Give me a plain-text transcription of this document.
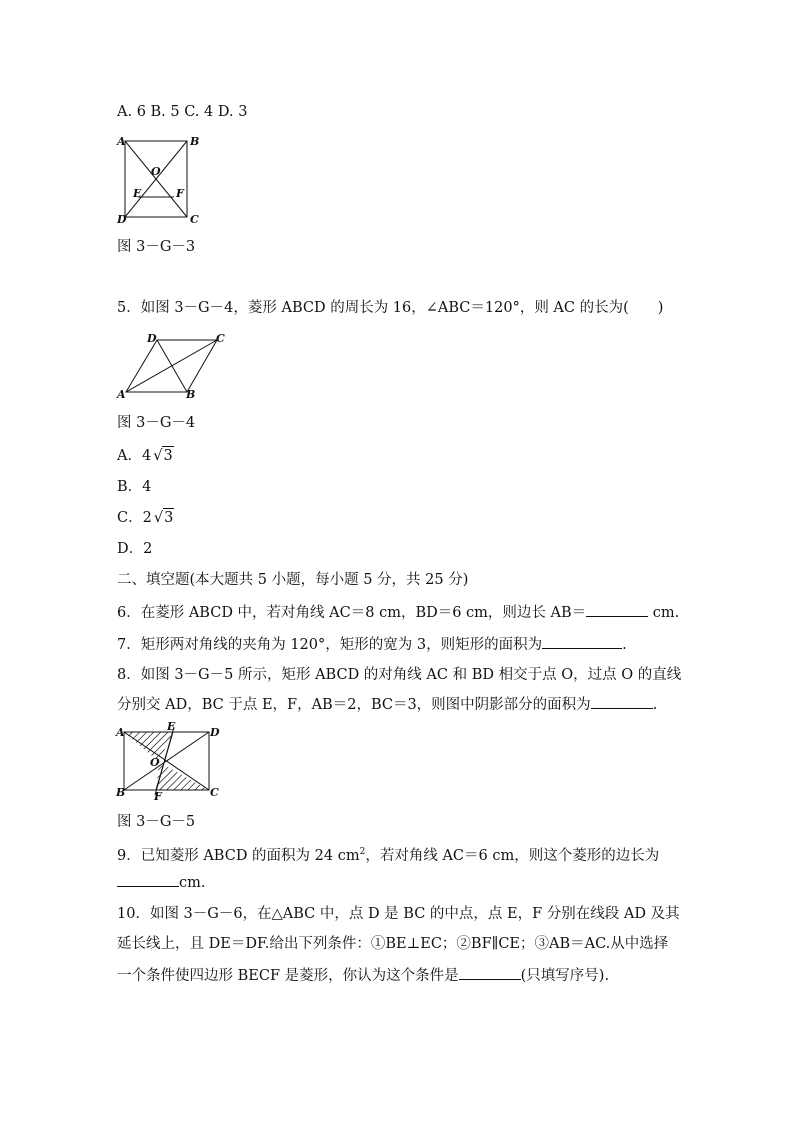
A. 6 B. 5 C. 4 D. 3
A	B
C
D
O
E	F
图 3－G－3
5．如图 3－G－4，菱形 ABCD 的周长为 16，∠ABC＝120°，则 AC 的长为(　　)
D	C
A	B
图 3－G－4
A．4 √3
B．4
C．2 √3
D．2
二、填空题(本大题共 5 小题，每小题 5 分，共 25 分)
6．在菱形 ABCD 中，若对角线 AC＝8 cm，BD＝6 cm，则边长 AB＝	cm.
7．矩形两对角线的夹角为 120°，矩形的宽为 3，则矩形的面积为	.
8．如图 3－G－5 所示，矩形 ABCD 的对角线 AC 和 BD 相交于点 O，过点 O 的直线
分别交 AD，BC 于点 E，F，AB＝2，BC＝3，则图中阴影部分的面积为	.
A	E	D
O
B	F	C
图 3－G－5
9．已知菱形 ABCD 的面积为 24 $cm^2$，若对角线 AC＝6 cm，则这个菱形的边长为
cm.
10．如图 3－G－6，在△ABC 中，点 D 是 BC 的中点，点 E，F 分别在线段 AD 及其
延长线上，且 DE＝DF.给出下列条件：①BE⊥EC；②BF∥CE；③AB＝AC.从中选择
一个条件使四边形 BECF 是菱形，你认为这个条件是	(只填写序号).
